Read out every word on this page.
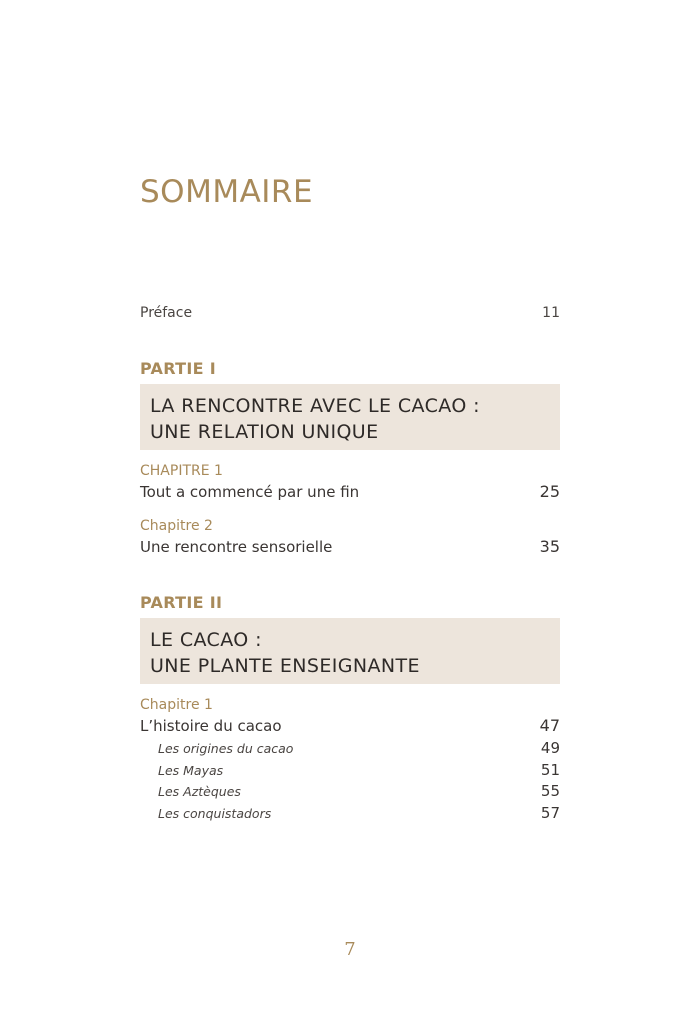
SOMMAIRE
Préface	11
PARTIE I
LA RENCONTRE AVEC LE CACAO :
UNE RELATION UNIQUE
CHAPITRE 1
Tout a commencé par une fin	25
Chapitre 2
Une rencontre sensorielle	35
PARTIE II
LE CACAO :
UNE PLANTE ENSEIGNANTE
Chapitre 1
L’histoire du cacao	47
Les origines du cacao	49
Les Mayas	51
Les Aztèques	55
Les conquistadors	57
7
